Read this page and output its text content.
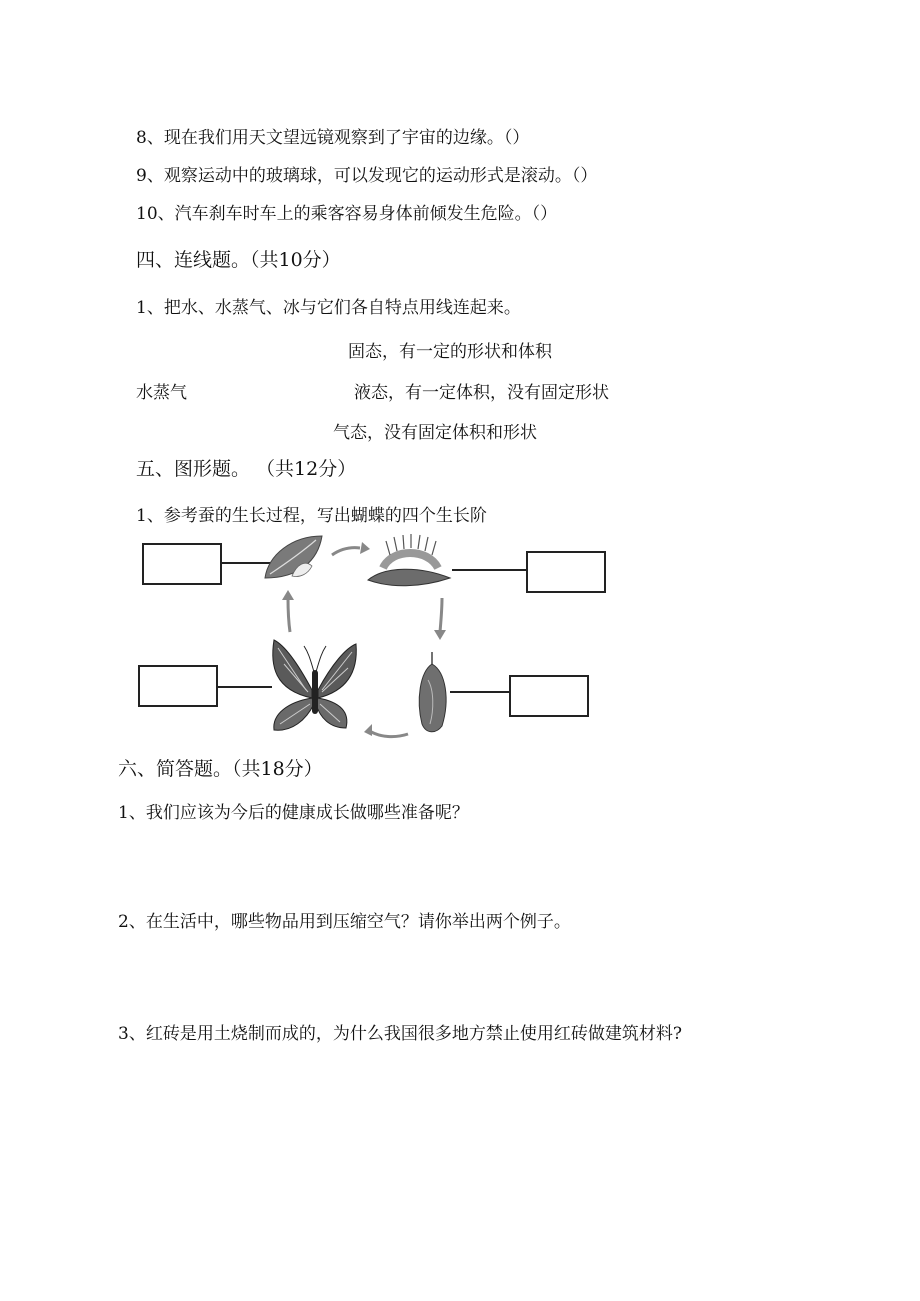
8、现在我们用天文望远镜观察到了宇宙的边缘。（）
9、观察运动中的玻璃球，可以发现它的运动形式是滚动。（）
10、汽车刹车时车上的乘客容易身体前倾发生危险。（）
四、连线题。（共10分）
1、把水、水蒸气、冰与它们各自特点用线连起来。
固态，有一定的形状和体积
水蒸气	液态，有一定体积，没有固定形状
气态，没有固定体积和形状
五、图形题。 （共12分）
1、参考蚕的生长过程，写出蝴蝶的四个生长阶
六、简答题。（共18分）
1、我们应该为今后的健康成长做哪些准备呢？
2、在生活中，哪些物品用到压缩空气？请你举出两个例子。
3、红砖是用土烧制而成的，为什么我国很多地方禁止使用红砖做建筑材料?
